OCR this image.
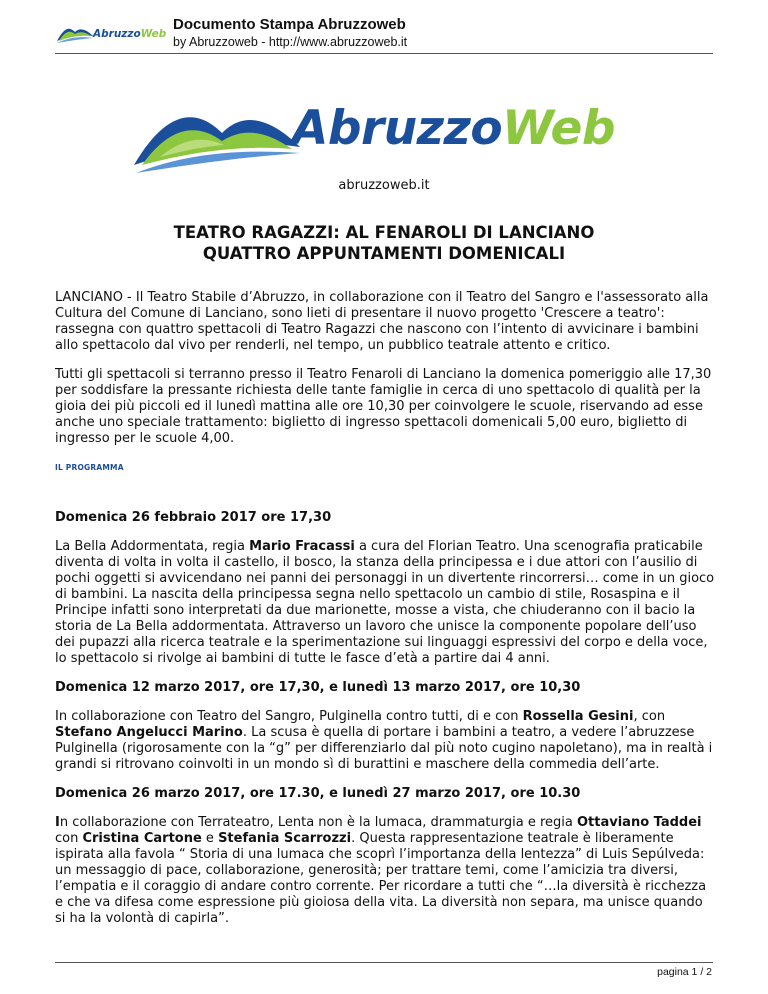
AbruzzoWeb
Documento Stampa Abruzzoweb
by Abruzzoweb - http://www.abruzzoweb.it
AbruzzoWeb
abruzzoweb.it
TEATRO RAGAZZI: AL FENAROLI DI LANCIANO
QUATTRO APPUNTAMENTI DOMENICALI

LANCIANO - Il Teatro Stabile d’Abruzzo, in collaborazione con il Teatro del Sangro e l'assessorato alla Cultura del Comune di Lanciano, sono lieti di presentare il nuovo progetto 'Crescere a teatro': rassegna con quattro spettacoli di Teatro Ragazzi che nascono con l’intento di avvicinare i bambini allo spettacolo dal vivo per renderli, nel tempo, un pubblico teatrale attento e critico.

Tutti gli spettacoli si terranno presso il Teatro Fenaroli di Lanciano la domenica pomeriggio alle 17,30 per soddisfare la pressante richiesta delle tante famiglie in cerca di uno spettacolo di qualità per la gioia dei più piccoli ed il lunedì mattina alle ore 10,30 per coinvolgere le scuole, riservando ad esse anche uno speciale trattamento: biglietto di ingresso spettacoli domenicali 5,00 euro, biglietto di ingresso per le scuole 4,00.

IL PROGRAMMA
Domenica 26 febbraio 2017 ore 17,30

La Bella Addormentata, regia Mario Fracassi a cura del Florian Teatro. Una scenografia praticabile diventa di volta in volta il castello, il bosco, la stanza della principessa e i due attori con l’ausilio di pochi oggetti si avvicendano nei panni dei personaggi in un divertente rincorrersi… come in un gioco di bambini. La nascita della principessa segna nello spettacolo un cambio di stile, Rosaspina e il Principe infatti sono interpretati da due marionette, mosse a vista, che chiuderanno con il bacio la storia de La Bella addormentata. Attraverso un lavoro che unisce la componente popolare dell’uso dei pupazzi alla ricerca teatrale e la sperimentazione sui linguaggi espressivi del corpo e della voce, lo spettacolo si rivolge ai bambini di tutte le fasce d’età a partire dai 4 anni.

Domenica 12 marzo 2017, ore 17,30, e lunedì 13 marzo 2017, ore 10,30

In collaborazione con Teatro del Sangro, Pulginella contro tutti, di e con Rossella Gesini, con Stefano Angelucci Marino. La scusa è quella di portare i bambini a teatro, a vedere l’abruzzese Pulginella (rigorosamente con la “g” per differenziarlo dal più noto cugino napoletano), ma in realtà i grandi si ritrovano coinvolti in un mondo sì di burattini e maschere della commedia dell’arte.

Domenica 26 marzo 2017, ore 17.30, e lunedì 27 marzo 2017, ore 10.30

In collaborazione con Terrateatro, Lenta non è la lumaca, drammaturgia e regia Ottaviano Taddei con Cristina Cartone e Stefania Scarrozzi. Questa rappresentazione teatrale è liberamente ispirata alla favola “ Storia di una lumaca che scoprì l’importanza della lentezza” di Luis Sepúlveda: un messaggio di pace, collaborazione, generosità; per trattare temi, come l’amicizia tra diversi, l’empatia e il coraggio di andare contro corrente. Per ricordare a tutti che “…la diversità è ricchezza e che va difesa come espressione più gioiosa della vita. La diversità non separa, ma unisce quando si ha la volontà di capirla”.

pagina 1 / 2
